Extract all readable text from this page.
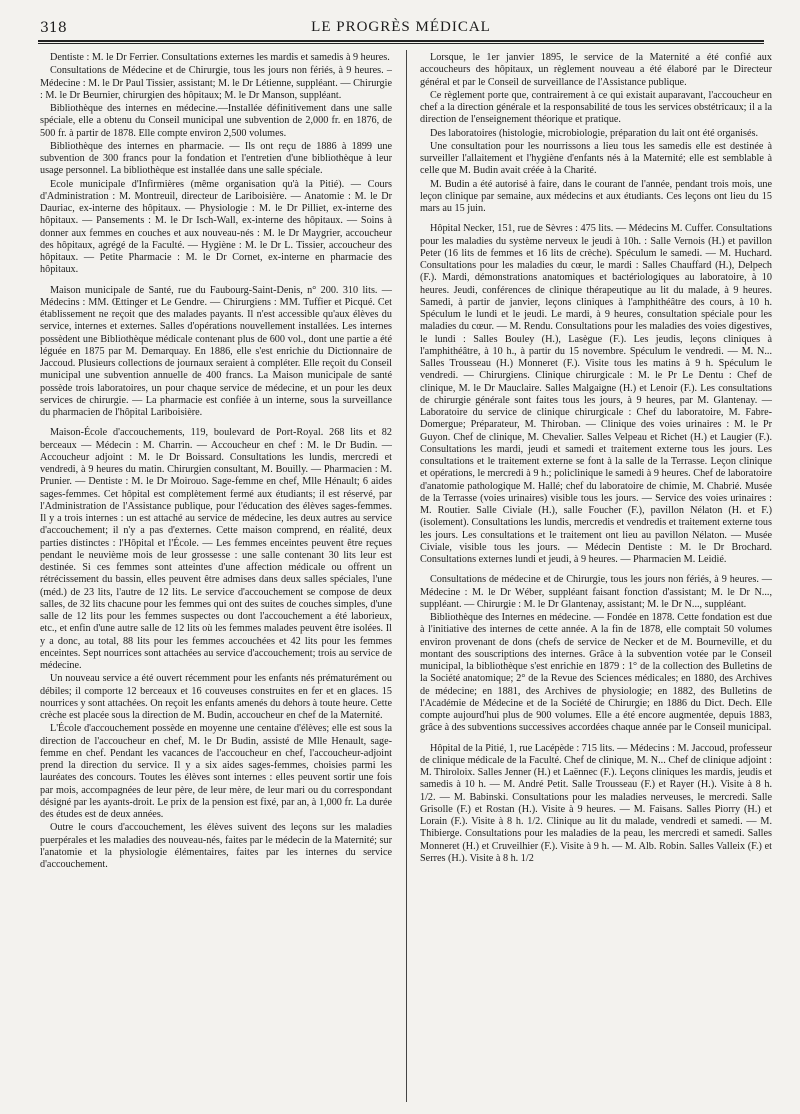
318	LE PROGRÈS MÉDICAL

Dentiste : M. le Dr Ferrier. Consultations externes les mardis et samedis à 9 heures.

Consultations de Médecine et de Chirurgie, tous les jours non fériés, à 9 heures. – Médecine : M. le Dr Paul Tissier, assistant; M. le Dr Létienne, suppléant. — Chirurgie : M. le Dr Beurnier, chirurgien des hôpitaux; M. le Dr Manson, suppléant.

Bibliothèque des internes en médecine.—Installée définitivement dans une salle spéciale, elle a obtenu du Conseil municipal une subvention de 2,000 fr. en 1876, de 500 fr. à partir de 1878. Elle compte environ 2,500 volumes.

Bibliothèque des internes en pharmacie. — Ils ont reçu de 1886 à 1899 une subvention de 300 francs pour la fondation et l'entretien d'une bibliothèque à leur usage personnel. La bibliothèque est installée dans une salle spéciale.

Ecole municipale d'Infirmières (même organisation qu'à la Pitié). — Cours d'Administration : M. Montreuil, directeur de Lariboisière. — Anatomie : M. le Dr Dauriac, ex-interne des hôpitaux. — Physiologie : M. le Dr Pilliet, ex-interne des hôpitaux. — Pansements : M. le Dr Isch-Wall, ex-interne des hôpitaux. — Soins à donner aux femmes en couches et aux nouveau-nés : M. le Dr Maygrier, accoucheur des hôpitaux, agrégé de la Faculté. — Hygiène : M. le Dr L. Tissier, accoucheur des hôpitaux. — Petite Pharmacie : M. le Dr Cornet, ex-interne en pharmacie des hôpitaux.

Maison municipale de Santé, rue du Faubourg-Saint-Denis, n° 200. 310 lits. — Médecins : MM. Œttinger et Le Gendre. — Chirurgiens : MM. Tuffier et Picqué. Cet établissement ne reçoit que des malades payants. Il n'est accessible qu'aux élèves du service, internes et externes. Salles d'opérations nouvellement installées. Les internes possèdent une Bibliothèque médicale contenant plus de 600 vol., dont une partie a été léguée en 1875 par M. Demarquay. En 1886, elle s'est enrichie du Dictionnaire de Jaccoud. Plusieurs collections de journaux seraient à compléter. Elle reçoit du Conseil municipal une subvention annuelle de 400 francs. La Maison municipale de santé possède trois laboratoires, un pour chaque service de médecine, et un pour les deux services de chirurgie. — La pharmacie est confiée à un interne, sous la surveillance du pharmacien de l'hôpital Lariboisière.

Maison-École d'accouchements, 119, boulevard de Port-Royal. 268 lits et 82 berceaux — Médecin : M. Charrin. — Accoucheur en chef : M. le Dr Budin. — Accoucheur adjoint : M. le Dr Boissard. Consultations les lundis, mercredi et vendredi, à 9 heures du matin. Chirurgien consultant, M. Bouilly. — Pharmacien : M. Prunier. — Dentiste : M. le Dr Moirouo. Sage-femme en chef, Mlle Hénault; 6 aides sages-femmes. Cet hôpital est complètement fermé aux étudiants; il est réservé, par l'Administration de l'Assistance publique, pour l'éducation des élèves sages-femmes. Il y a trois internes : un est attaché au service de médecine, les deux autres au service d'accouchement; il n'y a pas d'externes. Cette maison comprend, en réalité, deux parties distinctes : l'Hôpital et l'École. — Les femmes enceintes peuvent être reçues pendant le neuvième mois de leur grossesse : une salle contenant 30 lits leur est destinée. Si ces femmes sont atteintes d'une affection médicale ou offrent un rétrécissement du bassin, elles peuvent être admises dans deux salles spéciales, l'une (méd.) de 23 lits, l'autre de 12 lits. Le service d'accouchement se compose de deux salles, de 32 lits chacune pour les femmes qui ont des suites de couches simples, d'une salle de 12 lits pour les femmes suspectes ou dont l'accouchement a été laborieux, etc., et enfin d'une autre salle de 12 lits où les femmes malades peuvent être isolées. Il y a donc, au total, 88 lits pour les femmes accouchées et 42 lits pour les femmes enceintes. Sept nourrices sont attachées au service d'accouchement; trois au service de médecine.

Un nouveau service a été ouvert récemment pour les enfants nés prématurément ou débiles; il comporte 12 berceaux et 16 couveuses construites en fer et en glaces. 15 nourrices y sont attachées. On reçoit les enfants amenés du dehors à toute heure. Cette crèche est placée sous la direction de M. Budin, accoucheur en chef de la Maternité.

L'École d'accouchement possède en moyenne une centaine d'élèves; elle est sous la direction de l'accoucheur en chef, M. le Dr Budin, assisté de Mlle Henault, sage-femme en chef. Pendant les vacances de l'accoucheur en chef, l'accoucheur-adjoint prend la direction du service. Il y a six aides sages-femmes, choisies parmi les lauréates des concours. Toutes les élèves sont internes : elles peuvent sortir une fois par mois, accompagnées de leur père, de leur mère, de leur mari ou du correspondant désigné par les ayants-droit. Le prix de la pension est fixé, par an, à 1,000 fr. La durée des études est de deux années.

Outre le cours d'accouchement, les élèves suivent des leçons sur les maladies puerpérales et les maladies des nouveau-nés, faites par le médecin de la Maternité; sur l'anatomie et la physiologie élémentaires, faites par les internes du service d'accouchement.

Lorsque, le 1er janvier 1895, le service de la Maternité a été confié aux accoucheurs des hôpitaux, un règlement nouveau a été élaboré par le Directeur général et par le Conseil de surveillance de l'Assistance publique.

Ce règlement porte que, contrairement à ce qui existait auparavant, l'accoucheur en chef a la direction générale et la responsabilité de tous les services obstétricaux; il a la direction de l'enseignement théorique et pratique.

Des laboratoires (histologie, microbiologie, préparation du lait ont été organisés.

Une consultation pour les nourrissons a lieu tous les samedis elle est destinée à surveiller l'allaitement et l'hygiène d'enfants nés à la Maternité; elle est semblable à celle que M. Budin avait créée à la Charité.

M. Budin a été autorisé à faire, dans le courant de l'année, pendant trois mois, une leçon clinique par semaine, aux médecins et aux étudiants. Ces leçons ont lieu du 15 mars au 15 juin.

Hôpital Necker, 151, rue de Sèvres : 475 lits. — Médecins M. Cuffer. Consultations pour les maladies du système nerveux le jeudi à 10h. : Salle Vernois (H.) et pavillon Peter (16 lits de femmes et 16 lits de crèche). Spéculum le samedi. — M. Huchard. Consultations pour les maladies du cœur, le mardi : Salles Chauffard (H.), Delpech (F.). Mardi, démonstrations anatomiques et bactériologiques au laboratoire, à 10 heures. Jeudi, conférences de clinique thérapeutique au lit du malade, à 9 heures. Samedi, à partir de janvier, leçons cliniques à l'amphithéâtre des cours, à 10 h. Spéculum le lundi et le jeudi. Le mardi, à 9 heures, consultation spéciale pour les maladies du cœur. — M. Rendu. Consultations pour les maladies des voies digestives, le lundi : Salles Bouley (H.), Lasègue (F.). Les jeudis, leçons cliniques à l'amphithéâtre, à 10 h., à partir du 15 novembre. Spéculum le vendredi. — M. N... Salles Trousseau (H.) Monneret (F.). Visite tous les matins à 9 h. Spéculum le vendredi. — Chirurgiens. Clinique chirurgicale : M. le Pr Le Dentu : Chef de clinique, M. le Dr Mauclaire. Salles Malgaigne (H.) et Lenoir (F.). Les consultations de chirurgie générale sont faites tous les jours, à 9 heures, par M. Glantenay. — Laboratoire du service de clinique chirurgicale : Chef du laboratoire, M. Fabre-Domergue; Préparateur, M. Thiroban. — Clinique des voies urinaires : M. le Pr Guyon. Chef de clinique, M. Chevalier. Salles Velpeau et Richet (H.) et Laugier (F.). Consultations les mardi, jeudi et samedi et traitement externe tous les jours. Les consultations et le traitement externe se font à la salle de la Terrasse. Leçon clinique et opérations, le mercredi à 9 h.; policlinique le samedi à 9 heures. Chef de laboratoire d'anatomie pathologique M. Hallé; chef du laboratoire de chimie, M. Chabrié. Musée de la Terrasse (voies urinaires) visible tous les jours. — Service des voies urinaires : M. Routier. Salle Civiale (H.), salle Foucher (F.), pavillon Nélaton (H. et F.) (isolement). Consultations les lundis, mercredis et vendredis et traitement externe tous les jours. Les consultations et le traitement ont lieu au pavillon Nélaton. — Musée Civiale, visible tous les jours. — Médecin Dentiste : M. le Dr Brochard. Consultations externes lundi et jeudi, à 9 heures. — Pharmacien M. Leidié.

Consultations de médecine et de Chirurgie, tous les jours non fériés, à 9 heures. — Médecine : M. le Dr Wéber, suppléant faisant fonction d'assistant; M. le Dr N..., suppléant. — Chirurgie : M. le Dr Glantenay, assistant; M. le Dr N..., suppléant.

Bibliothèque des Internes en médecine. — Fondée en 1878. Cette fondation est due à l'initiative des internes de cette année. A la fin de 1878, elle comptait 50 volumes environ provenant de dons (chefs de service de Necker et de M. Bourneville, et du montant des souscriptions des internes. Grâce à la subvention votée par le Conseil municipal, la bibliothèque s'est enrichie en 1879 : 1° de la collection des Bulletins de la Société anatomique; 2° de la Revue des Sciences médicales; en 1880, des Archives de médecine; en 1881, des Archives de physiologie; en 1882, des Bulletins de l'Académie de Médecine et de la Société de Chirurgie; en 1886 du Dict. Dech. Elle compte aujourd'hui plus de 900 volumes. Elle a été encore augmentée, depuis 1883, grâce à des subventions successives accordées chaque année par le Conseil municipal.

Hôpital de la Pitié, 1, rue Lacépède : 715 lits. — Médecins : M. Jaccoud, professeur de clinique médicale de la Faculté. Chef de clinique, M. N... Chef de clinique adjoint : M. Thiroloix. Salles Jenner (H.) et Laënnec (F.). Leçons cliniques les mardis, jeudis et samedis à 10 h. — M. André Petit. Salle Trousseau (F.) et Rayer (H.). Visite à 8 h. 1/2. — M. Babinski. Consultations pour les maladies nerveuses, le mercredi. Salle Grisolle (F.) et Rostan (H.). Visite à 9 heures. — M. Faisans. Salles Piorry (H.) et Lorain (F.). Visite à 8 h. 1/2. Clinique au lit du malade, vendredi et samedi. — M. Thibierge. Consultations pour les maladies de la peau, les mercredi et samedi. Salles Monneret (H.) et Cruveilhier (F.). Visite à 9 h. — M. Alb. Robin. Salles Valleix (F.) et Serres (H.). Visite à 8 h. 1/2
